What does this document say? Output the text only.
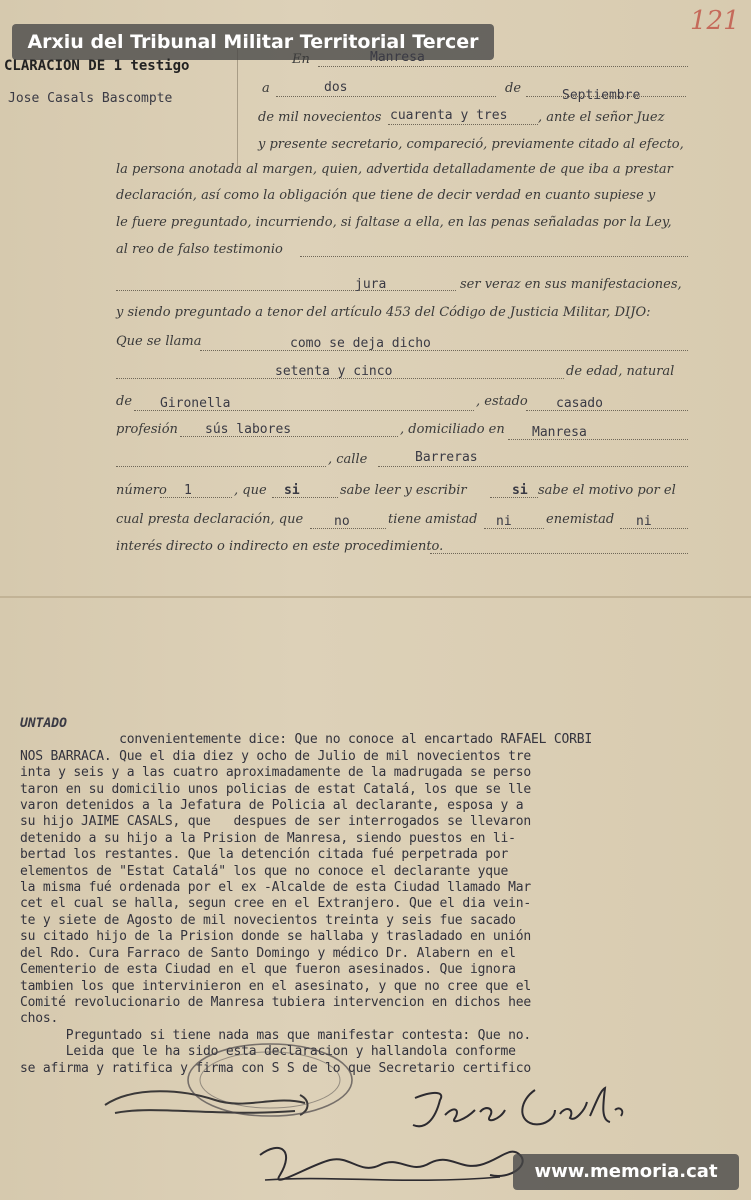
Arxiu del Tribunal Militar Territorial Tercer
121
CLARACION DE 1 testigo
Jose Casals Bascompte
En	Manresa
a	dos	de	Septiembre
de mil novecientos cuarenta y tres , ante el señor Juez
y presente secretario, compareció, previamente citado al efecto,
la persona anotada al margen, quien, advertida detalladamente de que iba a prestar
declaración, así como la obligación que tiene de decir verdad en cuanto supiese y
le fuere preguntado, incurriendo, si faltase a ella, en las penas señaladas por la Ley,
al reo de falso testimonio
jura	ser veraz en sus manifestaciones,
y siendo preguntado a tenor del artículo 453 del Código de Justicia Militar, DIJO:
Que se llama	como se deja dicho
setenta y cinco	de edad, natural
de Gironella	, estado casado
profesión sús labores	, domiciliado en Manresa
, calle	Barreras
número 1	, que si	sabe leer y escribir	si sabe el motivo por el
cual presta declaración, que no	tiene amistad ni	enemistad ni
interés directo o indirecto en este procedimiento.
UNTADO

convenientemente dice: Que no conoce al encartado RAFAEL CORBI
NOS BARRACA. Que el dia diez y ocho de Julio de mil novecientos tre
inta y seis y a las cuatro aproximadamente de la madrugada se perso
taron en su domicilio unos policias de estat Catalá, los que se lle
varon detenidos a la Jefatura de Policia al declarante, esposa y a
su hijo JAIME CASALS, que   despues de ser interrogados se llevaron
detenido a su hijo a la Prision de Manresa, siendo puestos en li-
bertad los restantes. Que la detención citada fué perpetrada por
elementos de "Estat Catalá" los que no conoce el declarante yque
la misma fué ordenada por el ex -Alcalde de esta Ciudad llamado Mar
cet el cual se halla, segun cree en el Extranjero. Que el dia vein-
te y siete de Agosto de mil novecientos treinta y seis fue sacado
su citado hijo de la Prision donde se hallaba y trasladado en unión
del Rdo. Cura Farraco de Santo Domingo y médico Dr. Alabern en el
Cementerio de esta Ciudad en el que fueron asesinados. Que ignora
tambien los que intervinieron en el asesinato, y que no cree que el
Comité revolucionario de Manresa tubiera intervencion en dichos hee
chos.
Preguntado si tiene nada mas que manifestar contesta: Que no.
Leida que le ha sido esta declaracion y hallandola conforme
se afirma y ratifica y firma con S S de lo que Secretario certifico

www.memoria.cat
